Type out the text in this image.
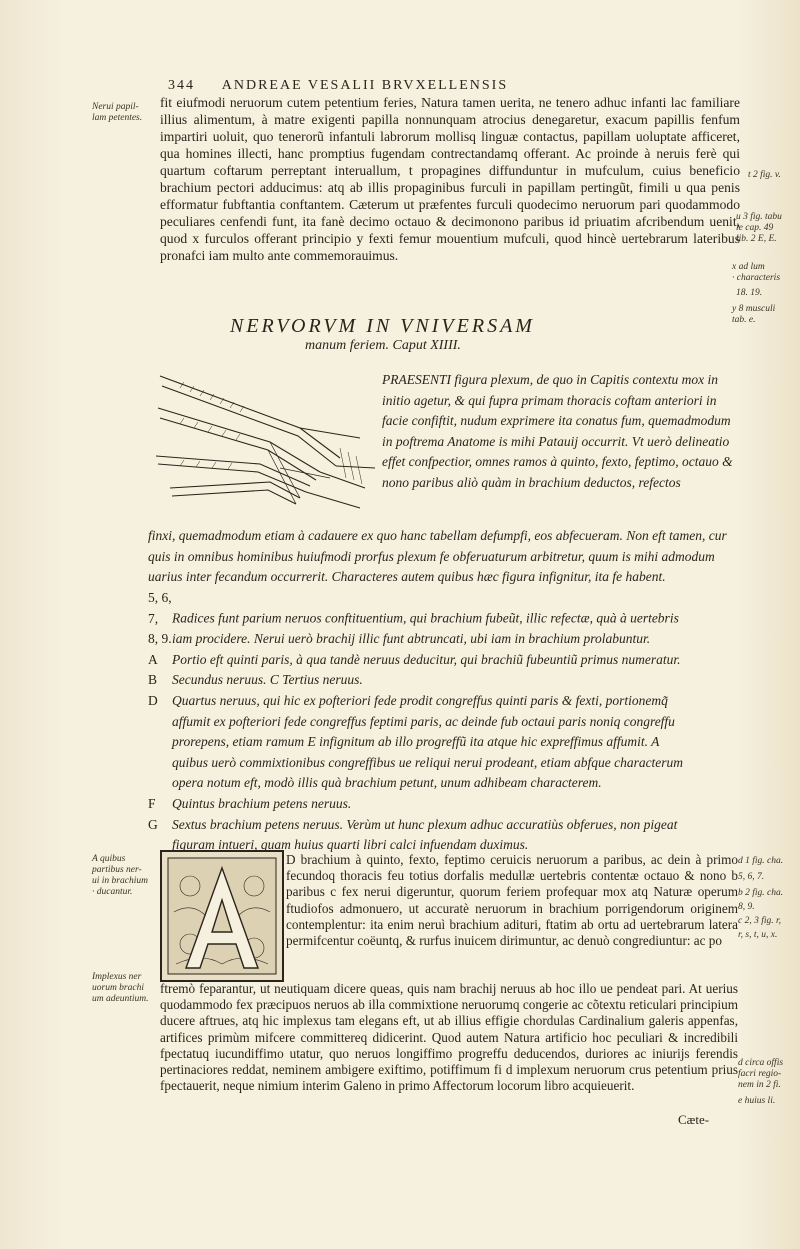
344 ANDREAE VESALII BRVXELLENSIS
Nerui papil-
lam petentes.
t 2 fig. v.
u 3 fig. tabu
le cap. 49
lib. 2 E, E.
x ad lum
· characteris
18. 19.
y 8 musculi
tab. e.

fit eiufmodi neruorum cutem petentium feries, Natura tamen uerita, ne tenero adhuc infanti lac familiare illius alimentum, à matre exigenti papilla nonnunquam atrocius denegaretur, exacum papillis fenfum impartiri uoluit, quo tenerorũ infantuli labrorum mollisq linguæ contactus, papillam uoluptate afficeret, qua homines illecti, hanc promptius fugendam contrectandamq offerant. Ac proinde à neruis ferè qui quartum coftarum perreptant interuallum, t propagines diffunduntur in mufculum, cuius beneficio brachium pectori adducimus: atq ab illis propaginibus furculi in papillam pertingũt, fimili u qua penis efformatur fubftantia conftantem. Cæterum ut præfentes furculi quodecimo neruorum pari quodammodo peculiares cenfendi funt, ita fanè decimo octauo & decimonono paribus id priuatim afcribendum uenit, quod x furculos offerant principio y fexti femur mouentium mufculi, quod hincè uertebrarum lateribus pronafci iam multo ante commemorauimus.

NERVORVM IN VNIVERSAM
manum feriem. Caput XIIII.
PRAESENTI figura plexum, de quo in Capitis contextu mox in initio agetur, & qui fupra primam thoracis coftam anteriori in facie confiftit, nudum exprimere ita conatus fum, quemadmodum in poftrema Anatome is mihi Patauij occurrit. Vt uerò delineatio effet confpectior, omnes ramos à quinto, fexto, feptimo, octauo & nono paribus aliò quàm in brachium deductos, refectos

finxi, quemadmodum etiam à cadauere ex quo hanc tabellam defumpfi, eos abfecueram. Non eft tamen, cur quis in omnibus hominibus huiufmodi prorfus plexum fe obferuaturum arbitretur, quum is mihi admodum uarius inter fecandum occurrerit. Characteres autem quibus hæc figura infignitur, ita fe habent.

5, 6, 7, Radices funt parium neruos conftituentium, qui brachium fubeũt, illic refectæ, quà à uertebris
8, 9.iam procidere. Nerui uerò brachij illic funt abtruncati, ubi iam in brachium prolabuntur.
A Portio eft quinti paris, à qua tandè neruus deducitur, qui brachiũ fubeuntiũ primus numeratur.
B Secundus neruus. C Tertius neruus.
D Quartus neruus, qui hic ex pofteriori fede prodit congreffus quinti paris & fexti, portionemq̃
affumit ex pofteriori fede congreffus feptimi paris, ac deinde fub octaui paris noniq congreffu
prorepens, etiam ramum E infignitum ab illo progreffũ ita atque hic expreffimus affumit. A
quibus uerò commixtionibus congreffibus ue reliqui nerui prodeant, etiam abfque characterum
opera notum eft, modò illis quà brachium petunt, unum adhibeam characterem.
F Quintus brachium petens neruus.
G Sextus brachium petens neruus. Verùm ut hunc plexum adhuc accuratiùs obferues, non pigeat
figuram intueri, quam huius quarti libri calci infuendam duximus.
A quibus
partibus ner-
ui in brachium
· ducantur.
Implexus ner
uorum brachi
um adeuntium.
d 1 fig. cha.
5, 6, 7.
b 2 fig. cha.
8, 9.
c 2, 3 fig. r,
r, s, t, u, x.
d circa offis
facri regio-
nem in 2 fi.
e huius li.
D brachium à quinto, fexto, feptimo ceruicis neruorum a paribus, ac dein à primo fecundoq thoracis feu totius dorfalis medullæ uertebris contentæ octauo & nono b paribus c fex nerui digeruntur, quorum feriem profequar mox atq Naturæ operum ftudiofos admonuero, ut accuratè neruorum in brachium porrigendorum originem contemplentur: ita enim neruì brachium adituri, ftatim ab ortu ad uertebrarum latera permifcentur coëuntq, & rurfus inuicem dirimuntur, ac denuò congrediuntur: ac po
ftremò feparantur, ut neutiquam dicere queas, quis nam brachij neruus ab hoc illo ue pendeat pari. At uerius quodammodo fex præcipuos neruos ab illa commixtione neruorumq congerie ac cõtextu reticulari principium ducere aftrues, atq hic implexus tam elegans eft, ut ab illius effigie chordulas Cardinalium galeris appenfas, artifices primùm mifcere committereq didicerint. Quod autem Natura artificio hoc peculiari & incredibili fpectatuq iucundiffimo utatur, quo neruos longiffimo progreffu deducendos, duriores ac iniurijs ferendis pertinaciores reddat, neminem ambigere exiftimo, potiffimum fi d implexum neruorum crus petentium prius fpectauerit, neque nimium interim Galeno in primo Affectorum locorum libro acquieuerit.
Cæte-
